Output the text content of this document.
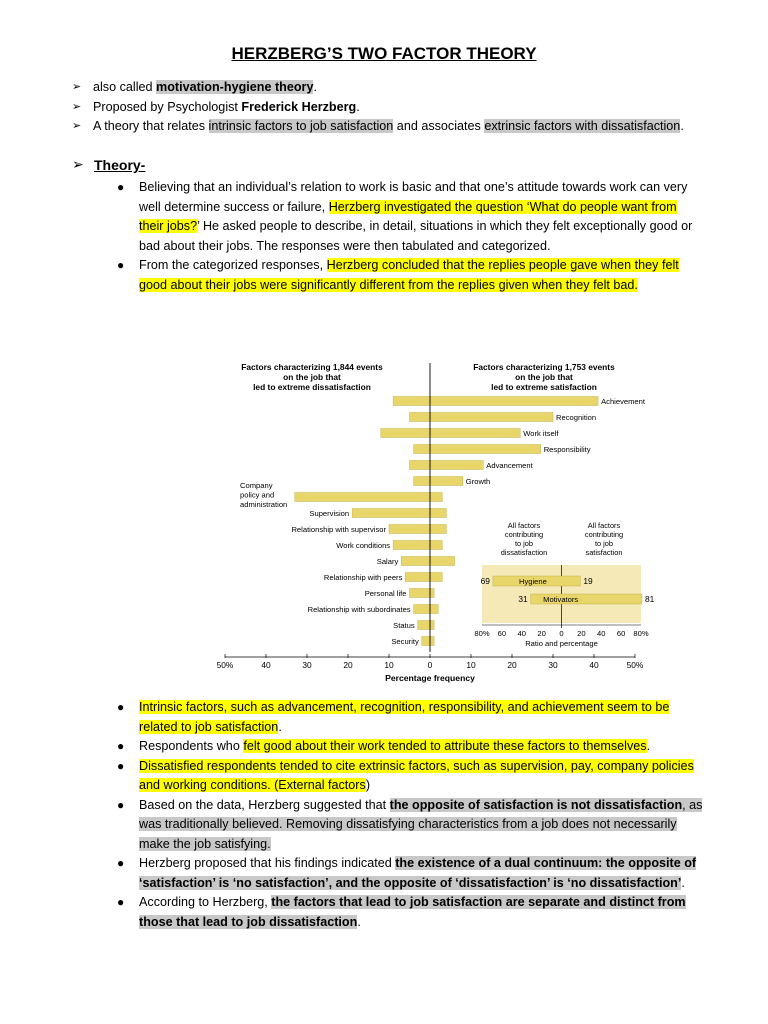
HERZBERG’S TWO FACTOR THEORY
➢ also called motivation-hygiene theory.
➢ Proposed by Psychologist Frederick Herzberg.
➢ A theory that relates intrinsic factors to job satisfaction and associates extrinsic factors with dissatisfaction.
➢ Theory-
● Believing that an individual’s relation to work is basic and that one’s attitude towards work can very well determine success or failure, Herzberg investigated the question ‘What do people want from their jobs?’ He asked people to describe, in detail, situations in which they felt exceptionally good or bad about their jobs. The responses were then tabulated and categorized.
● From the categorized responses, Herzberg concluded that the replies people gave when they felt good about their jobs were significantly different from the replies given when they felt bad.
Factors characterizing 1,844 events
on the job that
led to extreme dissatisfaction
Factors characterizing 1,753 events
on the job that
led to extreme satisfaction
Achievement
Recognition
Work itself
Responsibility
Advancement
Growth
Company
policy and
administration
Supervision
Relationship with supervisor
Work conditions
Salary
Relationship with peers
Personal life
Relationship with subordinates
Status
Security
50%	40	30	20	10	0	10	20	30	40	50%
Percentage frequency
All factors
contributing
to job
dissatisfaction
All factors
contributing
to job
satisfaction
Hygiene
69	19
Motivators
31	81
80% 60 40 20 0 20 40 60 80%
Ratio and percentage
● Intrinsic factors, such as advancement, recognition, responsibility, and achievement seem to be related to job satisfaction.
● Respondents who felt good about their work tended to attribute these factors to themselves.
● Dissatisfied respondents tended to cite extrinsic factors, such as supervision, pay, company policies and working conditions. (External factors)
● Based on the data, Herzberg suggested that the opposite of satisfaction is not dissatisfaction, as was traditionally believed. Removing dissatisfying characteristics from a job does not necessarily make the job satisfying.
● Herzberg proposed that his findings indicated the existence of a dual continuum: the opposite of ‘satisfaction’ is ‘no satisfaction’, and the opposite of ‘dissatisfaction’ is ‘no dissatisfaction’.
● According to Herzberg, the factors that lead to job satisfaction are separate and distinct from those that lead to job dissatisfaction.
